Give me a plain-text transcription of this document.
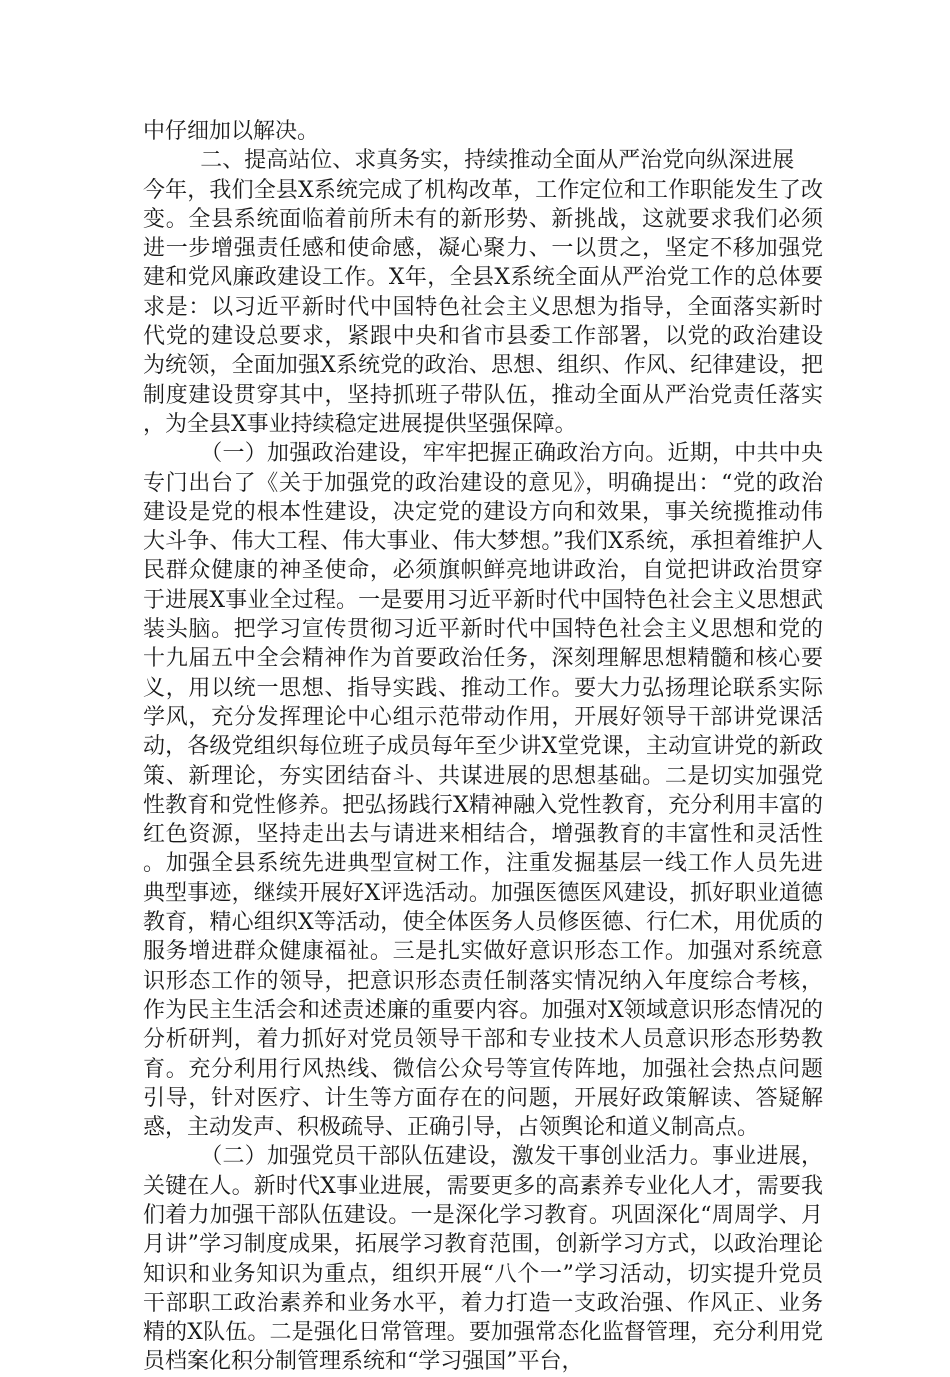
中仔细加以解决。

二、提高站位、求真务实，持续推动全面从严治党向纵深进展

今年，我们全县X系统完成了机构改革，工作定位和工作职能发生了改变。全县系统面临着前所未有的新形势、新挑战，这就要求我们必须进一步增强责任感和使命感，凝心聚力、一以贯之，坚定不移加强党建和党风廉政建设工作。X年，全县X系统全面从严治党工作的总体要求是：以习近平新时代中国特色社会主义思想为指导，全面落实新时代党的建设总要求，紧跟中央和省市县委工作部署，以党的政治建设为统领，全面加强X系统党的政治、思想、组织、作风、纪律建设，把制度建设贯穿其中，坚持抓班子带队伍，推动全面从严治党责任落实，为全县X事业持续稳定进展提供坚强保障。

（一）加强政治建设，牢牢把握正确政治方向。近期，中共中央专门出台了《关于加强党的政治建设的意见》，明确提出：“党的政治建设是党的根本性建设，决定党的建设方向和效果，事关统揽推动伟大斗争、伟大工程、伟大事业、伟大梦想。”我们X系统，承担着维护人民群众健康的神圣使命，必须旗帜鲜亮地讲政治，自觉把讲政治贯穿于进展X事业全过程。一是要用习近平新时代中国特色社会主义思想武装头脑。把学习宣传贯彻习近平新时代中国特色社会主义思想和党的十九届五中全会精神作为首要政治任务，深刻理解思想精髓和核心要义，用以统一思想、指导实践、推动工作。要大力弘扬理论联系实际学风，充分发挥理论中心组示范带动作用，开展好领导干部讲党课活动，各级党组织每位班子成员每年至少讲X堂党课，主动宣讲党的新政策、新理论，夯实团结奋斗、共谋进展的思想基础。二是切实加强党性教育和党性修养。把弘扬践行X精神融入党性教育，充分利用丰富的红色资源，坚持走出去与请进来相结合，增强教育的丰富性和灵活性。加强全县系统先进典型宣树工作，注重发掘基层一线工作人员先进典型事迹，继续开展好X评选活动。加强医德医风建设，抓好职业道德教育，精心组织X等活动，使全体医务人员修医德、行仁术，用优质的服务增进群众健康福祉。三是扎实做好意识形态工作。加强对系统意识形态工作的领导，把意识形态责任制落实情况纳入年度综合考核，作为民主生活会和述责述廉的重要内容。加强对X领域意识形态情况的分析研判，着力抓好对党员领导干部和专业技术人员意识形态形势教育。充分利用行风热线、微信公众号等宣传阵地，加强社会热点问题引导，针对医疗、计生等方面存在的问题，开展好政策解读、答疑解惑，主动发声、积极疏导、正确引导，占领舆论和道义制高点。

（二）加强党员干部队伍建设，激发干事创业活力。事业进展，关键在人。新时代X事业进展，需要更多的高素养专业化人才，需要我们着力加强干部队伍建设。一是深化学习教育。巩固深化“周周学、月月讲”学习制度成果，拓展学习教育范围，创新学习方式，以政治理论知识和业务知识为重点，组织开展“八个一”学习活动，切实提升党员干部职工政治素养和业务水平，着力打造一支政治强、作风正、业务精的X队伍。二是强化日常管理。要加强常态化监督管理，充分利用党员档案化积分制管理系统和“学习强国”平台，
